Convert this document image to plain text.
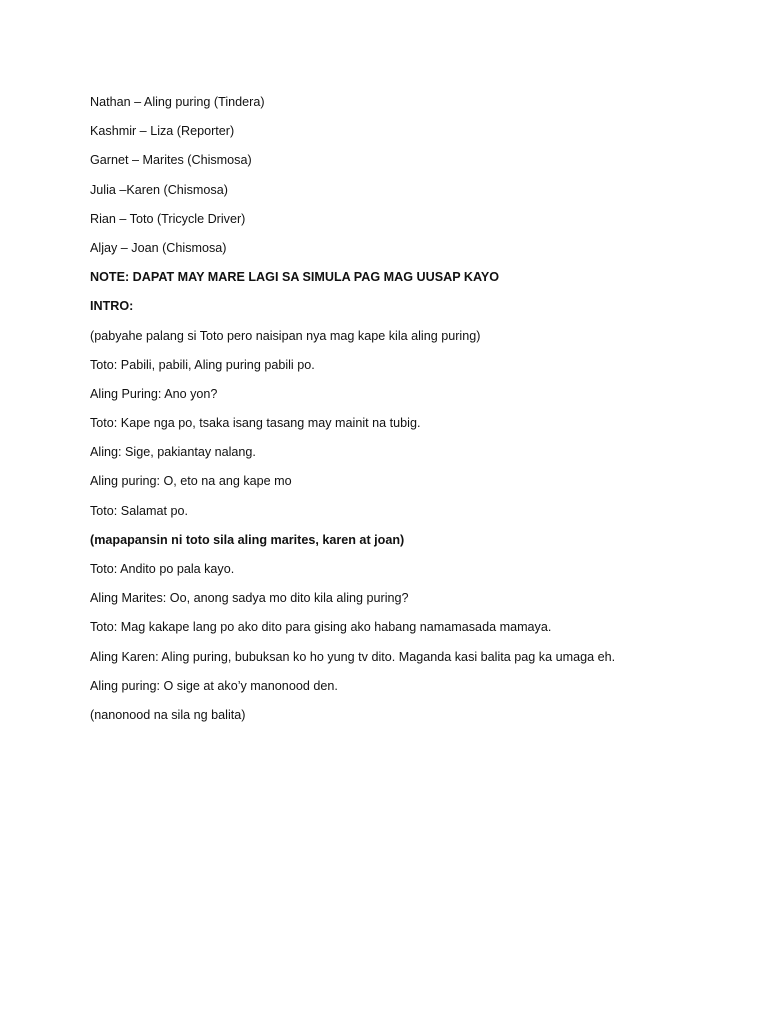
Nathan – Aling puring (Tindera)
Kashmir – Liza (Reporter)
Garnet – Marites (Chismosa)
Julia –Karen (Chismosa)
Rian – Toto (Tricycle Driver)
Aljay – Joan (Chismosa)
NOTE: DAPAT MAY MARE LAGI SA SIMULA PAG MAG UUSAP KAYO
INTRO:
(pabyahe palang si Toto pero naisipan nya mag kape kila aling puring)
Toto: Pabili, pabili, Aling puring pabili po.
Aling Puring: Ano yon?
Toto: Kape nga po, tsaka isang tasang may mainit na tubig.
Aling: Sige, pakiantay nalang.
Aling puring: O, eto na ang kape mo
Toto: Salamat po.
(mapapansin ni toto sila aling marites, karen at joan)
Toto: Andito po pala kayo.
Aling Marites: Oo, anong sadya mo dito kila aling puring?
Toto: Mag kakape lang po ako dito para gising ako habang namamasada mamaya.
Aling Karen: Aling puring, bubuksan ko ho yung tv dito. Maganda kasi balita pag ka umaga eh.
Aling puring: O sige at ako’y manonood den.
(nanonood na sila ng balita)
